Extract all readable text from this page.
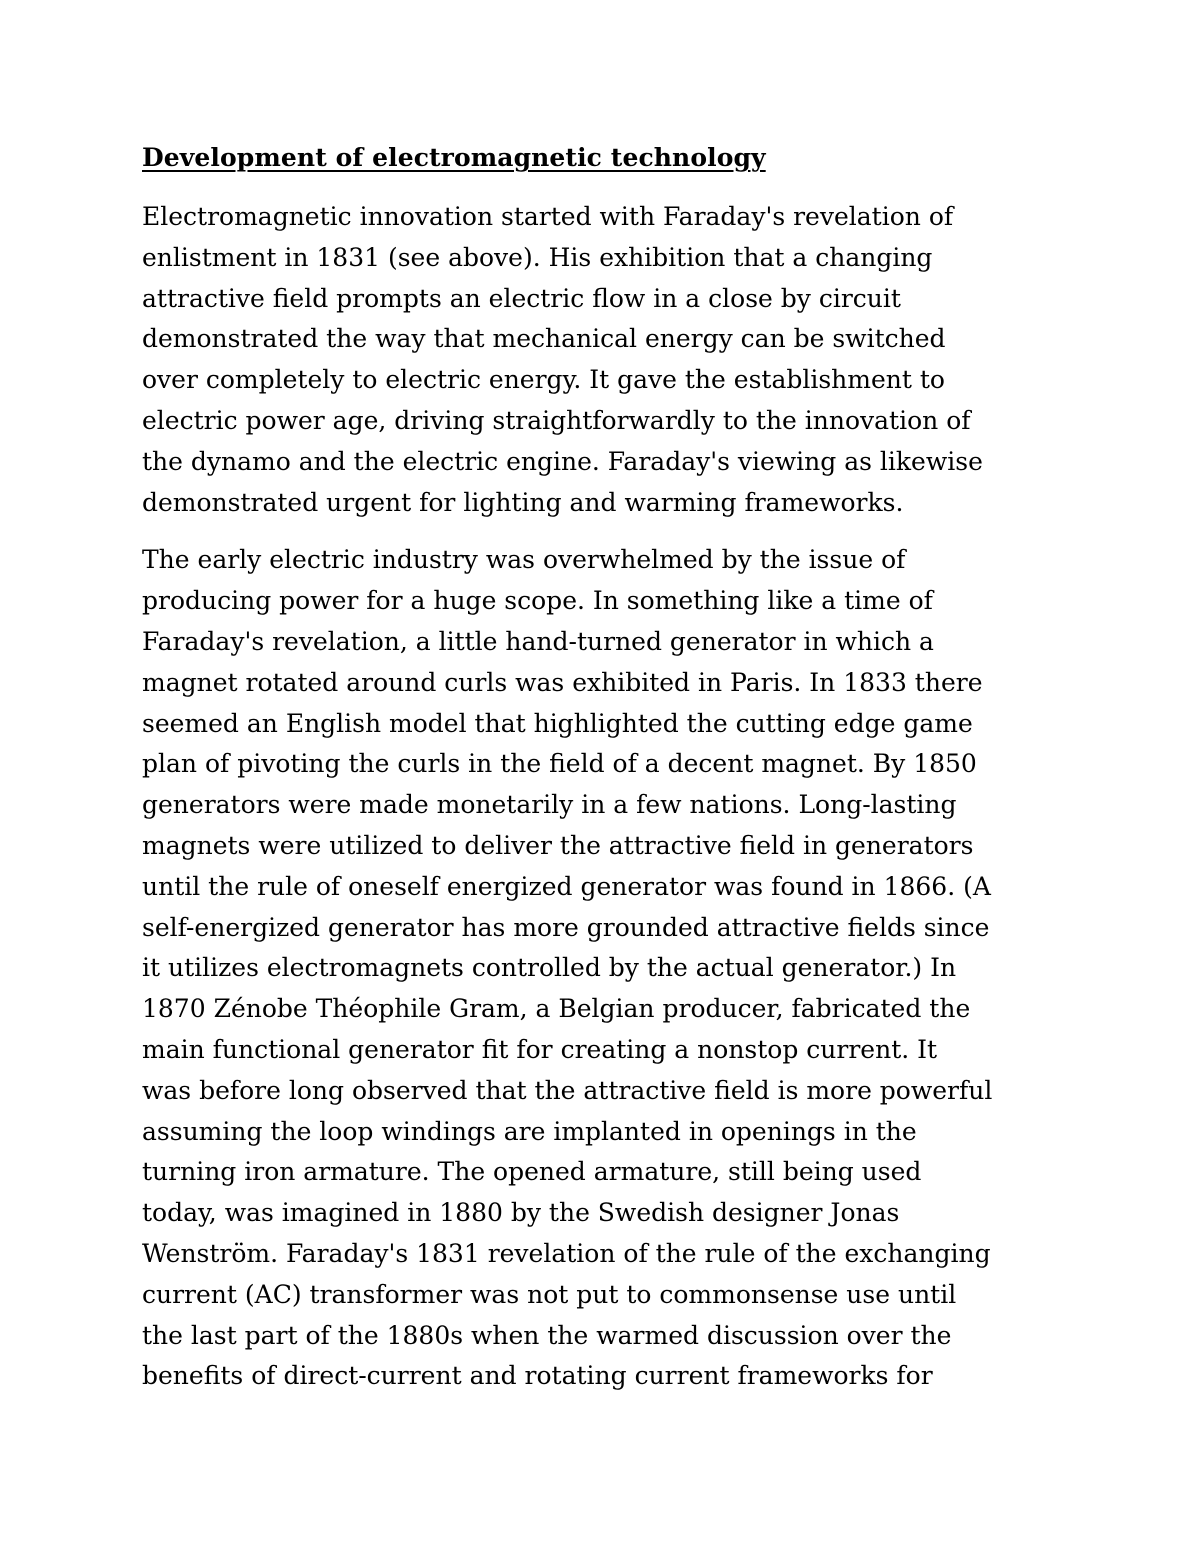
Development of electromagnetic technology

Electromagnetic innovation started with Faraday's revelation of
enlistment in 1831 (see above). His exhibition that a changing
attractive field prompts an electric flow in a close by circuit
demonstrated the way that mechanical energy can be switched
over completely to electric energy. It gave the establishment to
electric power age, driving straightforwardly to the innovation of
the dynamo and the electric engine. Faraday's viewing as likewise
demonstrated urgent for lighting and warming frameworks.

The early electric industry was overwhelmed by the issue of
producing power for a huge scope. In something like a time of
Faraday's revelation, a little hand-turned generator in which a
magnet rotated around curls was exhibited in Paris. In 1833 there
seemed an English model that highlighted the cutting edge game
plan of pivoting the curls in the field of a decent magnet. By 1850
generators were made monetarily in a few nations. Long-lasting
magnets were utilized to deliver the attractive field in generators
until the rule of oneself energized generator was found in 1866. (A
self-energized generator has more grounded attractive fields since
it utilizes electromagnets controlled by the actual generator.) In
1870 Zénobe Théophile Gram, a Belgian producer, fabricated the
main functional generator fit for creating a nonstop current. It
was before long observed that the attractive field is more powerful
assuming the loop windings are implanted in openings in the
turning iron armature. The opened armature, still being used
today, was imagined in 1880 by the Swedish designer Jonas
Wenström. Faraday's 1831 revelation of the rule of the exchanging
current (AC) transformer was not put to commonsense use until
the last part of the 1880s when the warmed discussion over the
benefits of direct-current and rotating current frameworks for
